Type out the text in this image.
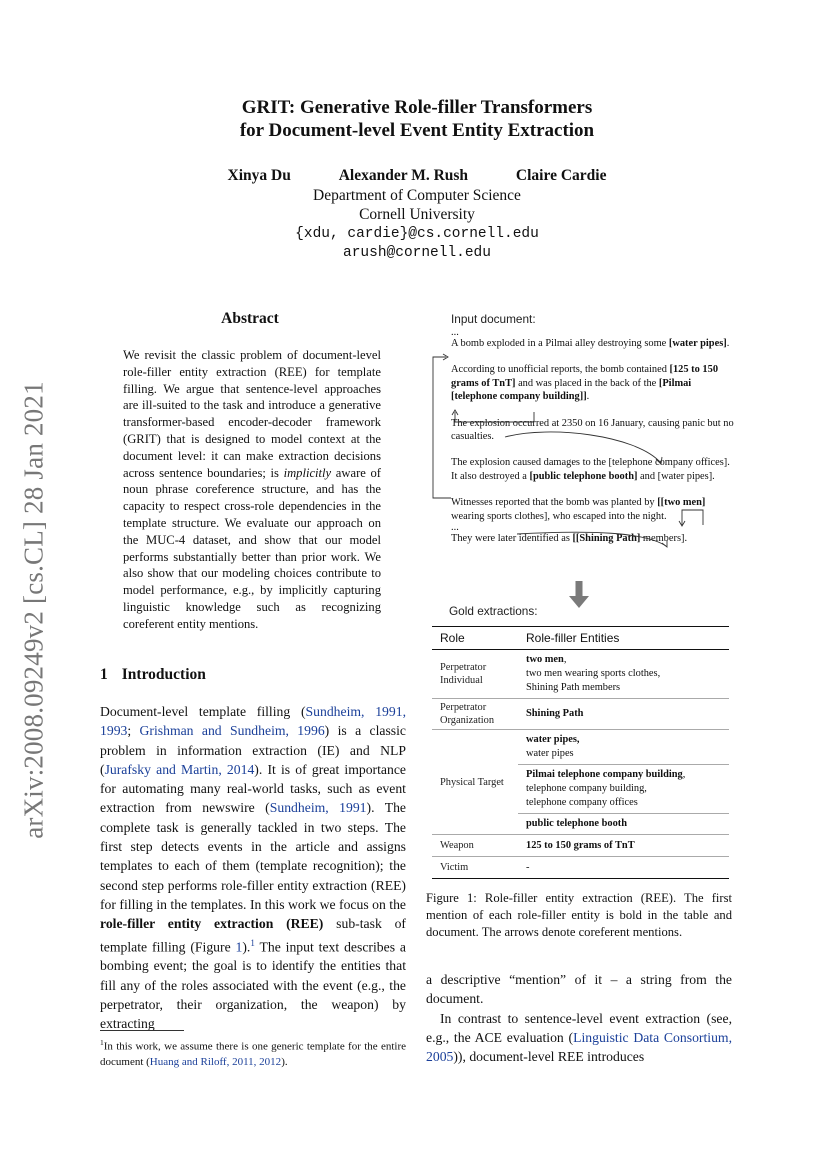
arXiv:2008.09249v2 [cs.CL] 28 Jan 2021
GRIT: Generative Role-filler Transformers
for Document-level Event Entity Extraction
Xinya Du	Alexander M. Rush	Claire Cardie
Department of Computer Science
Cornell University
{xdu, cardie}@cs.cornell.edu
arush@cornell.edu
Abstract
We revisit the classic problem of document-level role-filler entity extraction (REE) for template filling. We argue that sentence-level approaches are ill-suited to the task and introduce a generative transformer-based encoder-decoder framework (GRIT) that is designed to model context at the document level: it can make extraction decisions across sentence boundaries; is implicitly aware of noun phrase coreference structure, and has the capacity to respect cross-role dependencies in the template structure. We evaluate our approach on the MUC-4 dataset, and show that our model performs substantially better than prior work. We also show that our modeling choices contribute to model performance, e.g., by implicitly capturing linguistic knowledge such as recognizing coreferent entity mentions.
1 Introduction
Document-level template filling (Sundheim, 1991, 1993; Grishman and Sundheim, 1996) is a classic problem in information extraction (IE) and NLP (Jurafsky and Martin, 2014). It is of great importance for automating many real-world tasks, such as event extraction from newswire (Sundheim, 1991). The complete task is generally tackled in two steps. The first step detects events in the article and assigns templates to each of them (template recognition); the second step performs role-filler entity extraction (REE) for filling in the templates. In this work we focus on the role-filler entity extraction (REE) sub-task of template filling (Figure 1).$^1$ The input text describes a bombing event; the goal is to identify the entities that fill any of the roles associated with the event (e.g., the perpetrator, their organization, the weapon) by extracting
$^1$In this work, we assume there is one generic template for the entire document (Huang and Riloff, 2011, 2012).
Input document:

...

A bomb exploded in a Pilmai alley destroying some [water pipes].

According to unofficial reports, the bomb contained [125 to 150 grams of TnT] and was placed in the back of the [Pilmai [telephone company building]].

The explosion occurred at 2350 on 16 January, causing panic but no casualties.

The explosion caused damages to the [telephone company offices]. It also destroyed a [public telephone booth] and [water pipes].

Witnesses reported that the bomb was planted by [[two men] wearing sports clothes], who escaped into the night.

...

They were later identified as [[Shining Path] members].

Gold extractions:
Role	Role-filler Entities
Perpetrator Individual	two men,
two men wearing sports clothes,
Shining Path members

Perpetrator Organization	Shining Path
Physical Target	water pipes,
water pipes

	Pilmai telephone company building,
telephone company building,
telephone company offices

	public telephone booth
Weapon	125 to 150 grams of TnT
Victim	-
Figure 1: Role-filler entity extraction (REE). The first mention of each role-filler entity is bold in the table and document. The arrows denote coreferent mentions.

a descriptive “mention” of it – a string from the document.

In contrast to sentence-level event extraction (see, e.g., the ACE evaluation (Linguistic Data Consortium, 2005)), document-level REE introduces
